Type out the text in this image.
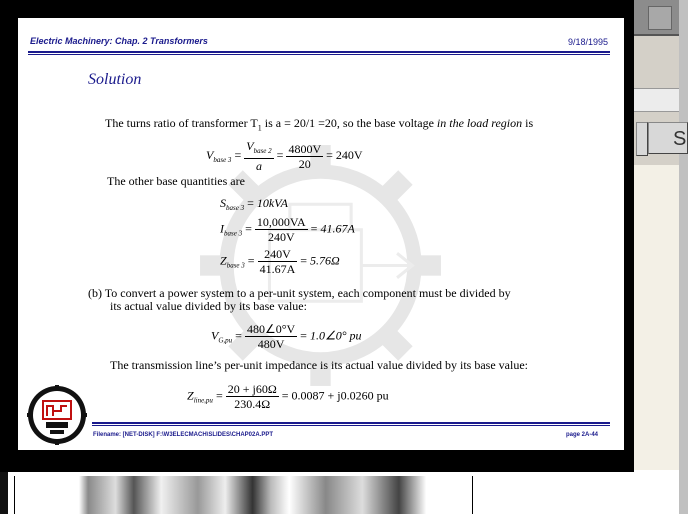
S
Electric Machinery: Chap. 2 Transformers	9/18/1995
Solution
The turns ratio of transformer $T_1$ is a = 20/1 =20, so the base voltage in the load region is
$V_{base 3} = \frac{V_{base 2}}{a} = \frac{4800V}{20} = 240V$
The other base quantities are
$S_{base 3} = 10kVA$
$I_{base 3} = \frac{10,000VA}{240V} = 41.67A$
$Z_{base 3} = \frac{240V}{41.67A} = 5.76\Omega$
(b) To convert a power system to a per-unit system, each component must be divided by
its actual value divided by its base value:
$V_{G,pu} = \frac{480\angle 0^\circ V}{480V}$ = 1.0∠0° pu
The transmission line’s per-unit impedance is its actual value divided by its base value:
$Z_{line,pu} = \frac{20 + j60\Omega}{230.4\Omega} = 0.0087 + j0.0260$ pu
Filename: [NET-DISK] F:\W3ELECMACH\SLIDES\CHAP02A.PPT	page 2A-44
